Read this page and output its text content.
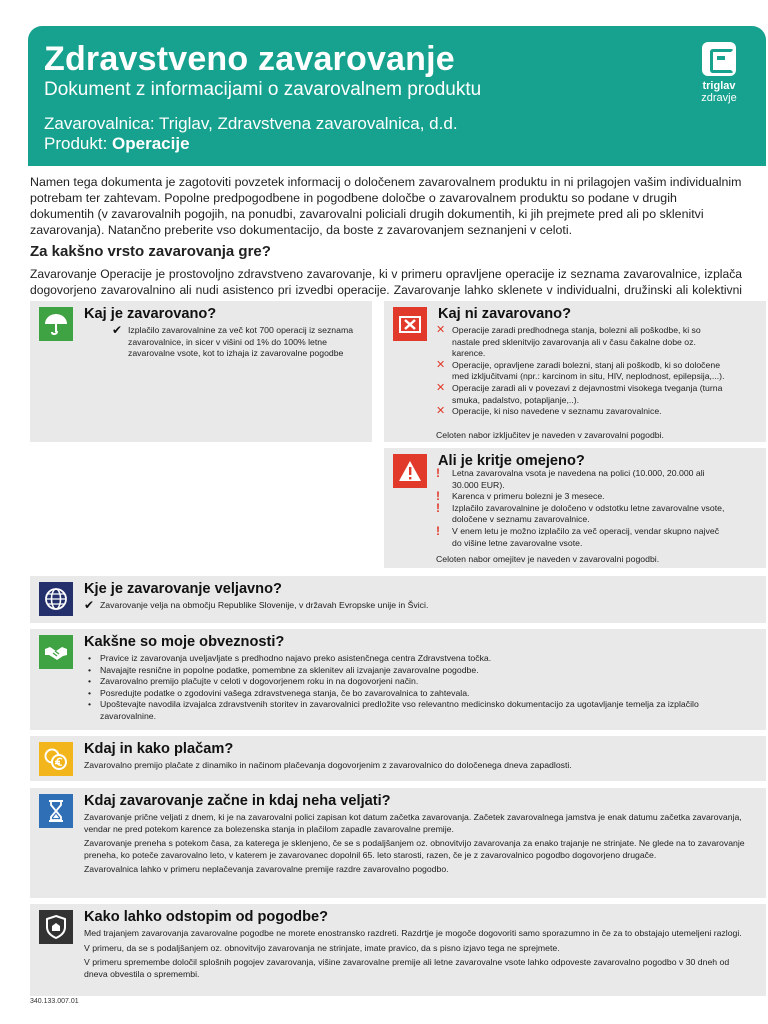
Zdravstveno zavarovanje
Dokument z informacijami o zavarovalnem produktu
Zavarovalnica: Triglav, Zdravstvena zavarovalnica, d.d.
Produkt: Operacije
triglav
zdravje
Namen tega dokumenta je zagotoviti povzetek informacij o določenem zavarovalnem produktu in ni prilagojen vašim individualnim potrebam ter zahtevam. Popolne predpogodbene in pogodbene določbe o zavarovalnem produktu so podane v drugih dokumentih (v zavarovalnih pogojih, na ponudbi, zavarovalni policiali drugih dokumentih, ki jih prejmete pred ali po sklenitvi zavarovanja). Natančno preberite vso dokumentacijo, da boste z zavarovanjem seznanjeni v celoti.
Za kakšno vrsto zavarovanja gre?
Zavarovanje Operacije je prostovoljno zdravstveno zavarovanje, ki v primeru opravljene operacije iz seznama zavarovalnice, izplača dogovorjeno zavarovalnino ali nudi asistenco pri izvedbi operacije. Zavarovanje lahko sklenete v individualni, družinski ali kolektivni
Kaj je zavarovano?
✔ Izplačilo zavarovalnine za več kot 700 operacij iz seznama zavarovalnice, in sicer v višini od 1% do 100% letne zavarovalne vsote, kot to izhaja iz zavarovalne pogodbe
Kaj ni zavarovano?
✕ Operacije zaradi predhodnega stanja, bolezni ali poškodbe, ki so nastale pred sklenitvijo zavarovanja ali v času čakalne dobe oz. karence.
✕ Operacije, opravljene zaradi bolezni, stanj ali poškodb, ki so določene med izključitvami (npr.: karcinom in situ, HIV, neplodnost, epilepsija,...).
✕ Operacije zaradi ali v povezavi z dejavnostmi visokega tveganja (turna smuka, padalstvo, potapljanje,..).
✕ Operacije, ki niso navedene v seznamu zavarovalnice.
Celoten nabor izključitev je naveden v zavarovalni pogodbi.
Ali je kritje omejeno?
! Letna zavarovalna vsota je navedena na polici (10.000, 20.000 ali 30.000 EUR).
! Karenca v primeru bolezni je 3 mesece.
! Izplačilo zavarovalnine je določeno v odstotku letne zavarovalne vsote, določene v seznamu zavarovalnice.
! V enem letu je možno izplačilo za več operacij, vendar skupno največ do višine letne zavarovalne vsote.
Celoten nabor omejitev je naveden v zavarovalni pogodbi.
Kje je zavarovanje veljavno?
✔ Zavarovanje velja na območju Republike Slovenije, v državah Evropske unije in Švici.
Kakšne so moje obveznosti?
• Pravice iz zavarovanja uveljavljate s predhodno najavo preko asistenčnega centra Zdravstvena točka.
• Navajajte resnične in popolne podatke, pomembne za sklenitev ali izvajanje zavarovalne pogodbe.
• Zavarovalno premijo plačujte v celoti v dogovorjenem roku in na dogovorjeni način.
• Posredujte podatke o zgodovini vašega zdravstvenega stanja, če bo zavarovalnica to zahtevala.
• Upoštevajte navodila izvajalca zdravstvenih storitev in zavarovalnici predložite vso relevantno medicinsko dokumentacijo za ugotavljanje temelja za izplačilo zavarovalnine.
Kdaj in kako plačam?
Zavarovalno premijo plačate z dinamiko in načinom plačevanja dogovorjenim z zavarovalnico do določenega dneva zapadlosti.
Kdaj zavarovanje začne in kdaj neha veljati?
Zavarovanje prične veljati z dnem, ki je na zavarovalni polici zapisan kot datum začetka zavarovanja. Začetek zavarovalnega jamstva je enak datumu začetka zavarovanja, vendar ne pred potekom karence za bolezenska stanja in plačilom zapadle zavarovalne premije.
Zavarovanje preneha s potekom časa, za katerega je sklenjeno, če se s podaljšanjem oz. obnovitvijo zavarovanja za enako trajanje ne strinjate. Ne glede na to zavarovanje preneha, ko poteče zavarovalno leto, v katerem je zavarovanec dopolnil 65. leto starosti, razen, če je z zavarovalnico pogodbo dogovorjeno drugače.
Zavarovalnica lahko v primeru neplačevanja zavarovalne premije razdre zavarovalno pogodbo.
Kako lahko odstopim od pogodbe?
Med trajanjem zavarovanja zavarovalne pogodbe ne morete enostransko razdreti. Razdrtje je mogoče dogovoriti samo sporazumno in če za to obstajajo utemeljeni razlogi.
V primeru, da se s podaljšanjem oz. obnovitvijo zavarovanja ne strinjate, imate pravico, da s pisno izjavo tega ne sprejmete.
V primeru spremembe določil splošnih pogojev zavarovanja, višine zavarovalne premije ali letne zavarovalne vsote lahko odpoveste zavarovalno pogodbo v 30 dneh od dneva obvestila o spremembi.
340.133.007.01
